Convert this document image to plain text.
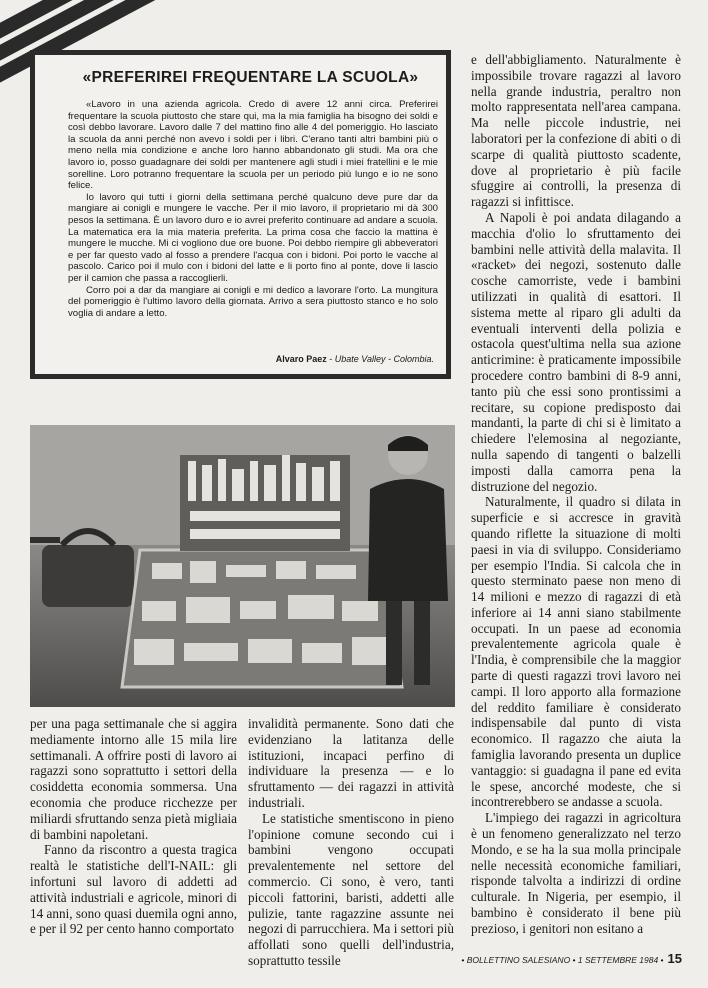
«PREFERIREI FREQUENTARE LA SCUOLA»

«Lavoro in una azienda agricola. Credo di avere 12 anni circa. Preferirei frequentare la scuola piuttosto che stare qui, ma la mia famiglia ha bisogno dei soldi e così debbo lavorare. Lavoro dalle 7 del mattino fino alle 4 del pomeriggio. Ho lasciato la scuola da anni perché non avevo i soldi per i libri. C'erano tanti altri bambini più o meno nella mia condizione e anche loro hanno abbandonato gli studi. Ma ora che lavoro io, posso guadagnare dei soldi per mantenere agli studi i miei fratellini e le mie sorelline. Loro potranno frequentare la scuola per un periodo più lungo e io ne sono felice.

Io lavoro qui tutti i giorni della settimana perché qualcuno deve pure dar da mangiare ai conigli e mungere le vacche. Per il mio lavoro, il proprietario mi dà 300 pesos la settimana. È un lavoro duro e io avrei preferito continuare ad andare a scuola. La matematica era la mia materia preferita. La prima cosa che faccio la mattina è mungere le mucche. Mi ci vogliono due ore buone. Poi debbo riempire gli abbeveratori e per far questo vado al fosso a prendere l'acqua con i bidoni. Poi porto le vacche al pascolo. Carico poi il mulo con i bidoni del latte e li porto fino al ponte, dove li lascio per il camion che passa a raccoglierli.

Corro poi a dar da mangiare ai conigli e mi dedico a lavorare l'orto. La mungitura del pomeriggio è l'ultimo lavoro della giornata. Arrivo a sera piuttosto stanco e ho solo voglia di andare a letto.

Alvaro Paez - Ubate Valley - Colombia.

per una paga settimanale che si aggira mediamente intorno alle 15 mila lire settimanali. A offrire posti di lavoro ai ragazzi sono soprattutto i settori della cosiddetta economia sommersa. Una economia che produce ricchezze per miliardi sfruttando senza pietà migliaia di bambini napoletani.

Fanno da riscontro a questa tragica realtà le statistiche dell'I-NAIL: gli infortuni sul lavoro di addetti ad attività industriali e agricole, minori di 14 anni, sono quasi duemila ogni anno, e per il 92 per cento hanno comportato

invalidità permanente. Sono dati che evidenziano la latitanza delle istituzioni, incapaci perfino di individuare la presenza — e lo sfruttamento — dei ragazzi in attività industriali.

Le statistiche smentiscono in pieno l'opinione comune secondo cui i bambini vengono occupati prevalentemente nel settore del commercio. Ci sono, è vero, tanti piccoli fattorini, baristi, addetti alle pulizie, tante ragazzine assunte nei negozi di parrucchiera. Ma i settori più affollati sono quelli dell'industria, soprattutto tessile

e dell'abbigliamento. Naturalmente è impossibile trovare ragazzi al lavoro nella grande industria, peraltro non molto rappresentata nell'area campana. Ma nelle piccole industrie, nei laboratori per la confezione di abiti o di scarpe di qualità piuttosto scadente, dove al proprietario è più facile sfuggire ai controlli, la presenza di ragazzi si infittisce.

A Napoli è poi andata dilagando a macchia d'olio lo sfruttamento dei bambini nelle attività della malavita. Il «racket» dei negozi, sostenuto dalle cosche camorriste, vede i bambini utilizzati in qualità di esattori. Il sistema mette al riparo gli adulti da eventuali interventi della polizia e ostacola quest'ultima nella sua azione anticrimine: è praticamente impossibile procedere contro bambini di 8-9 anni, tanto più che essi sono prontissimi a recitare, su copione predisposto dai mandanti, la parte di chi si è limitato a chiedere l'elemosina al negoziante, nulla sapendo di tangenti o balzelli imposti dalla camorra pena la distruzione del negozio.

Naturalmente, il quadro si dilata in superficie e si accresce in gravità quando riflette la situazione di molti paesi in via di sviluppo. Consideriamo per esempio l'India. Si calcola che in questo sterminato paese non meno di 14 milioni e mezzo di ragazzi di età inferiore ai 14 anni siano stabilmente occupati. In un paese ad economia prevalentemente agricola quale è l'India, è comprensibile che la maggior parte di questi ragazzi trovi lavoro nei campi. Il loro apporto alla formazione del reddito familiare è considerato indispensabile dal punto di vista economico. Il ragazzo che aiuta la famiglia lavorando presenta un duplice vantaggio: si guadagna il pane ed evita le spese, ancorché modeste, che si incontrerebbero se andasse a scuola.

L'impiego dei ragazzi in agricoltura è un fenomeno generalizzato nel terzo Mondo, e se ha la sua molla principale nelle necessità economiche familiari, risponde talvolta a indirizzi di ordine culturale. In Nigeria, per esempio, il bambino è considerato il bene più prezioso, i genitori non esitano a

• BOLLETTINO SALESIANO • 1 SETTEMBRE 1984 • 15
